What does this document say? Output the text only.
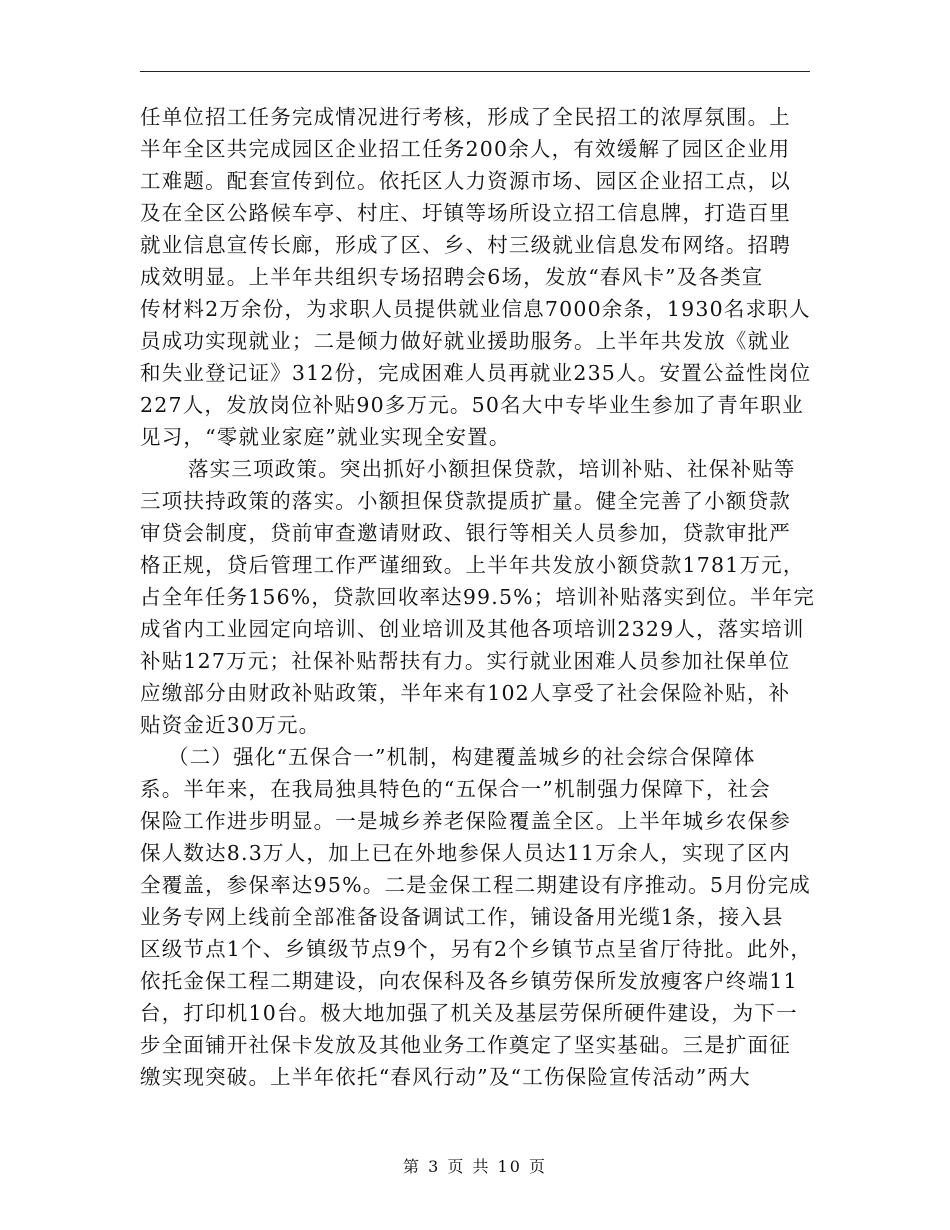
任单位招工任务完成情况进行考核，形成了全民招工的浓厚氛围。上
半年全区共完成园区企业招工任务200余人，有效缓解了园区企业用
工难题。配套宣传到位。依托区人力资源市场、园区企业招工点，以
及在全区公路候车亭、村庄、圩镇等场所设立招工信息牌，打造百里
就业信息宣传长廊，形成了区、乡、村三级就业信息发布网络。招聘
成效明显。上半年共组织专场招聘会6场，发放“春风卡”及各类宣
传材料2万余份，为求职人员提供就业信息7000余条，1930名求职人
员成功实现就业；二是倾力做好就业援助服务。上半年共发放《就业
和失业登记证》312份，完成困难人员再就业235人。安置公益性岗位
227人，发放岗位补贴90多万元。50名大中专毕业生参加了青年职业
见习，“零就业家庭”就业实现全安置。
落实三项政策。突出抓好小额担保贷款，培训补贴、社保补贴等
三项扶持政策的落实。小额担保贷款提质扩量。健全完善了小额贷款
审贷会制度，贷前审查邀请财政、银行等相关人员参加，贷款审批严
格正规，贷后管理工作严谨细致。上半年共发放小额贷款1781万元，
占全年任务156%，贷款回收率达99.5%；培训补贴落实到位。半年完
成省内工业园定向培训、创业培训及其他各项培训2329人，落实培训
补贴127万元；社保补贴帮扶有力。实行就业困难人员参加社保单位
应缴部分由财政补贴政策，半年来有102人享受了社会保险补贴，补
贴资金近30万元。
（二）强化“五保合一”机制，构建覆盖城乡的社会综合保障体
系。半年来，在我局独具特色的“五保合一”机制强力保障下，社会
保险工作进步明显。一是城乡养老保险覆盖全区。上半年城乡农保参
保人数达8.3万人，加上已在外地参保人员达11万余人，实现了区内
全覆盖，参保率达95%。二是金保工程二期建设有序推动。5月份完成
业务专网上线前全部准备设备调试工作，铺设备用光缆1条，接入县
区级节点1个、乡镇级节点9个，另有2个乡镇节点呈省厅待批。此外，
依托金保工程二期建设，向农保科及各乡镇劳保所发放瘦客户终端11
台，打印机10台。极大地加强了机关及基层劳保所硬件建设，为下一
步全面铺开社保卡发放及其他业务工作奠定了坚实基础。三是扩面征
缴实现突破。上半年依托“春风行动”及“工伤保险宣传活动”两大
第 3 页 共 10 页
